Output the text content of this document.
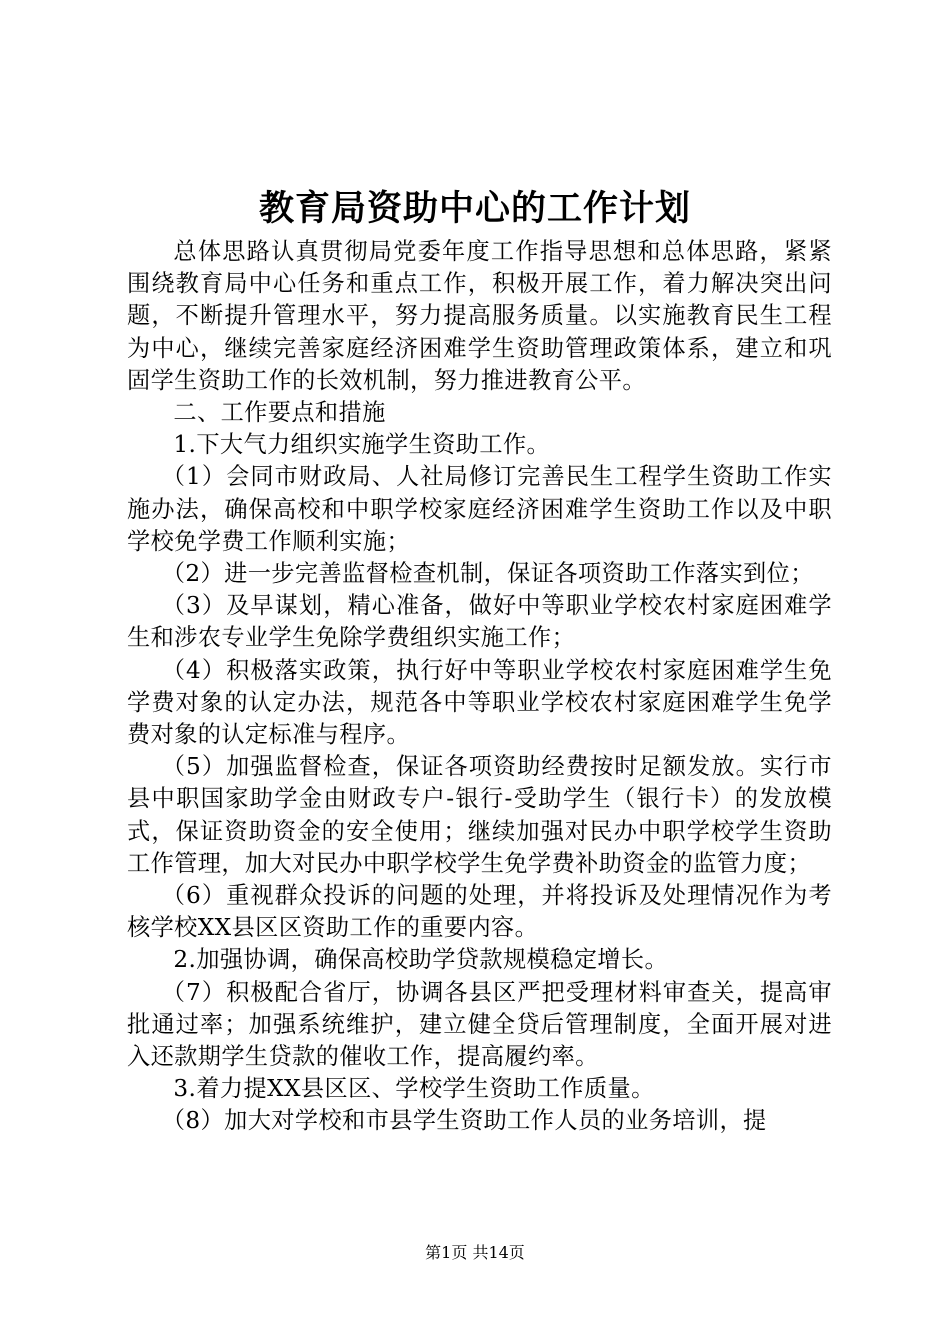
教育局资助中心的工作计划

总体思路认真贯彻局党委年度工作指导思想和总体思路，紧紧围绕教育局中心任务和重点工作，积极开展工作，着力解决突出问题，不断提升管理水平，努力提高服务质量。以实施教育民生工程为中心，继续完善家庭经济困难学生资助管理政策体系，建立和巩固学生资助工作的长效机制，努力推进教育公平。

二、工作要点和措施

1.下大气力组织实施学生资助工作。

（1）会同市财政局、人社局修订完善民生工程学生资助工作实施办法，确保高校和中职学校家庭经济困难学生资助工作以及中职学校免学费工作顺利实施；

（2）进一步完善监督检查机制，保证各项资助工作落实到位；

（3）及早谋划，精心准备，做好中等职业学校农村家庭困难学生和涉农专业学生免除学费组织实施工作；

（4）积极落实政策，执行好中等职业学校农村家庭困难学生免学费对象的认定办法，规范各中等职业学校农村家庭困难学生免学费对象的认定标准与程序。

（5）加强监督检查，保证各项资助经费按时足额发放。实行市县中职国家助学金由财政专户-银行-受助学生（银行卡）的发放模式，保证资助资金的安全使用；继续加强对民办中职学校学生资助工作管理，加大对民办中职学校学生免学费补助资金的监管力度；

（6）重视群众投诉的问题的处理，并将投诉及处理情况作为考核学校XX县区区资助工作的重要内容。

2.加强协调，确保高校助学贷款规模稳定增长。

（7）积极配合省厅，协调各县区严把受理材料审查关，提高审批通过率；加强系统维护，建立健全贷后管理制度，全面开展对进入还款期学生贷款的催收工作，提高履约率。

3.着力提XX县区区、学校学生资助工作质量。

（8）加大对学校和市县学生资助工作人员的业务培训，提

第1页 共14页
